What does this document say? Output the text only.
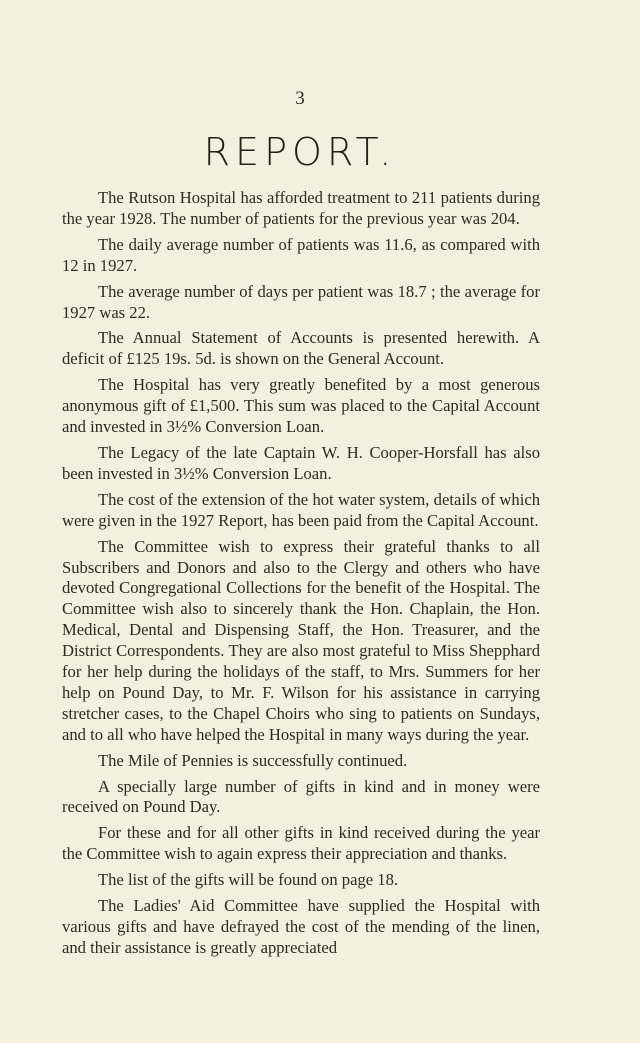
3
REPORT.

The Rutson Hospital has afforded treatment to 211 patients during the year 1928. The number of patients for the previous year was 204.

The daily average number of patients was 11.6, as compared with 12 in 1927.

The average number of days per patient was 18.7 ; the average for 1927 was 22.

The Annual Statement of Accounts is presented herewith. A deficit of £125 19s. 5d. is shown on the General Account.

The Hospital has very greatly benefited by a most generous anonymous gift of £1,500. This sum was placed to the Capital Account and invested in 3½% Conversion Loan.

The Legacy of the late Captain W. H. Cooper-Horsfall has also been invested in 3½% Conversion Loan.

The cost of the extension of the hot water system, details of which were given in the 1927 Report, has been paid from the Capital Account.

The Committee wish to express their grateful thanks to all Subscribers and Donors and also to the Clergy and others who have devoted Congregational Collections for the benefit of the Hospital. The Committee wish also to sincerely thank the Hon. Chaplain, the Hon. Medical, Dental and Dispensing Staff, the Hon. Treasurer, and the District Correspondents. They are also most grateful to Miss Shepphard for her help during the holidays of the staff, to Mrs. Summers for her help on Pound Day, to Mr. F. Wilson for his assistance in carrying stretcher cases, to the Chapel Choirs who sing to patients on Sundays, and to all who have helped the Hospital in many ways during the year.

The Mile of Pennies is successfully continued.

A specially large number of gifts in kind and in money were received on Pound Day.

For these and for all other gifts in kind received during the year the Committee wish to again express their appreciation and thanks.

The list of the gifts will be found on page 18.

The Ladies' Aid Committee have supplied the Hospital with various gifts and have defrayed the cost of the mending of the linen, and their assistance is greatly appreciated
